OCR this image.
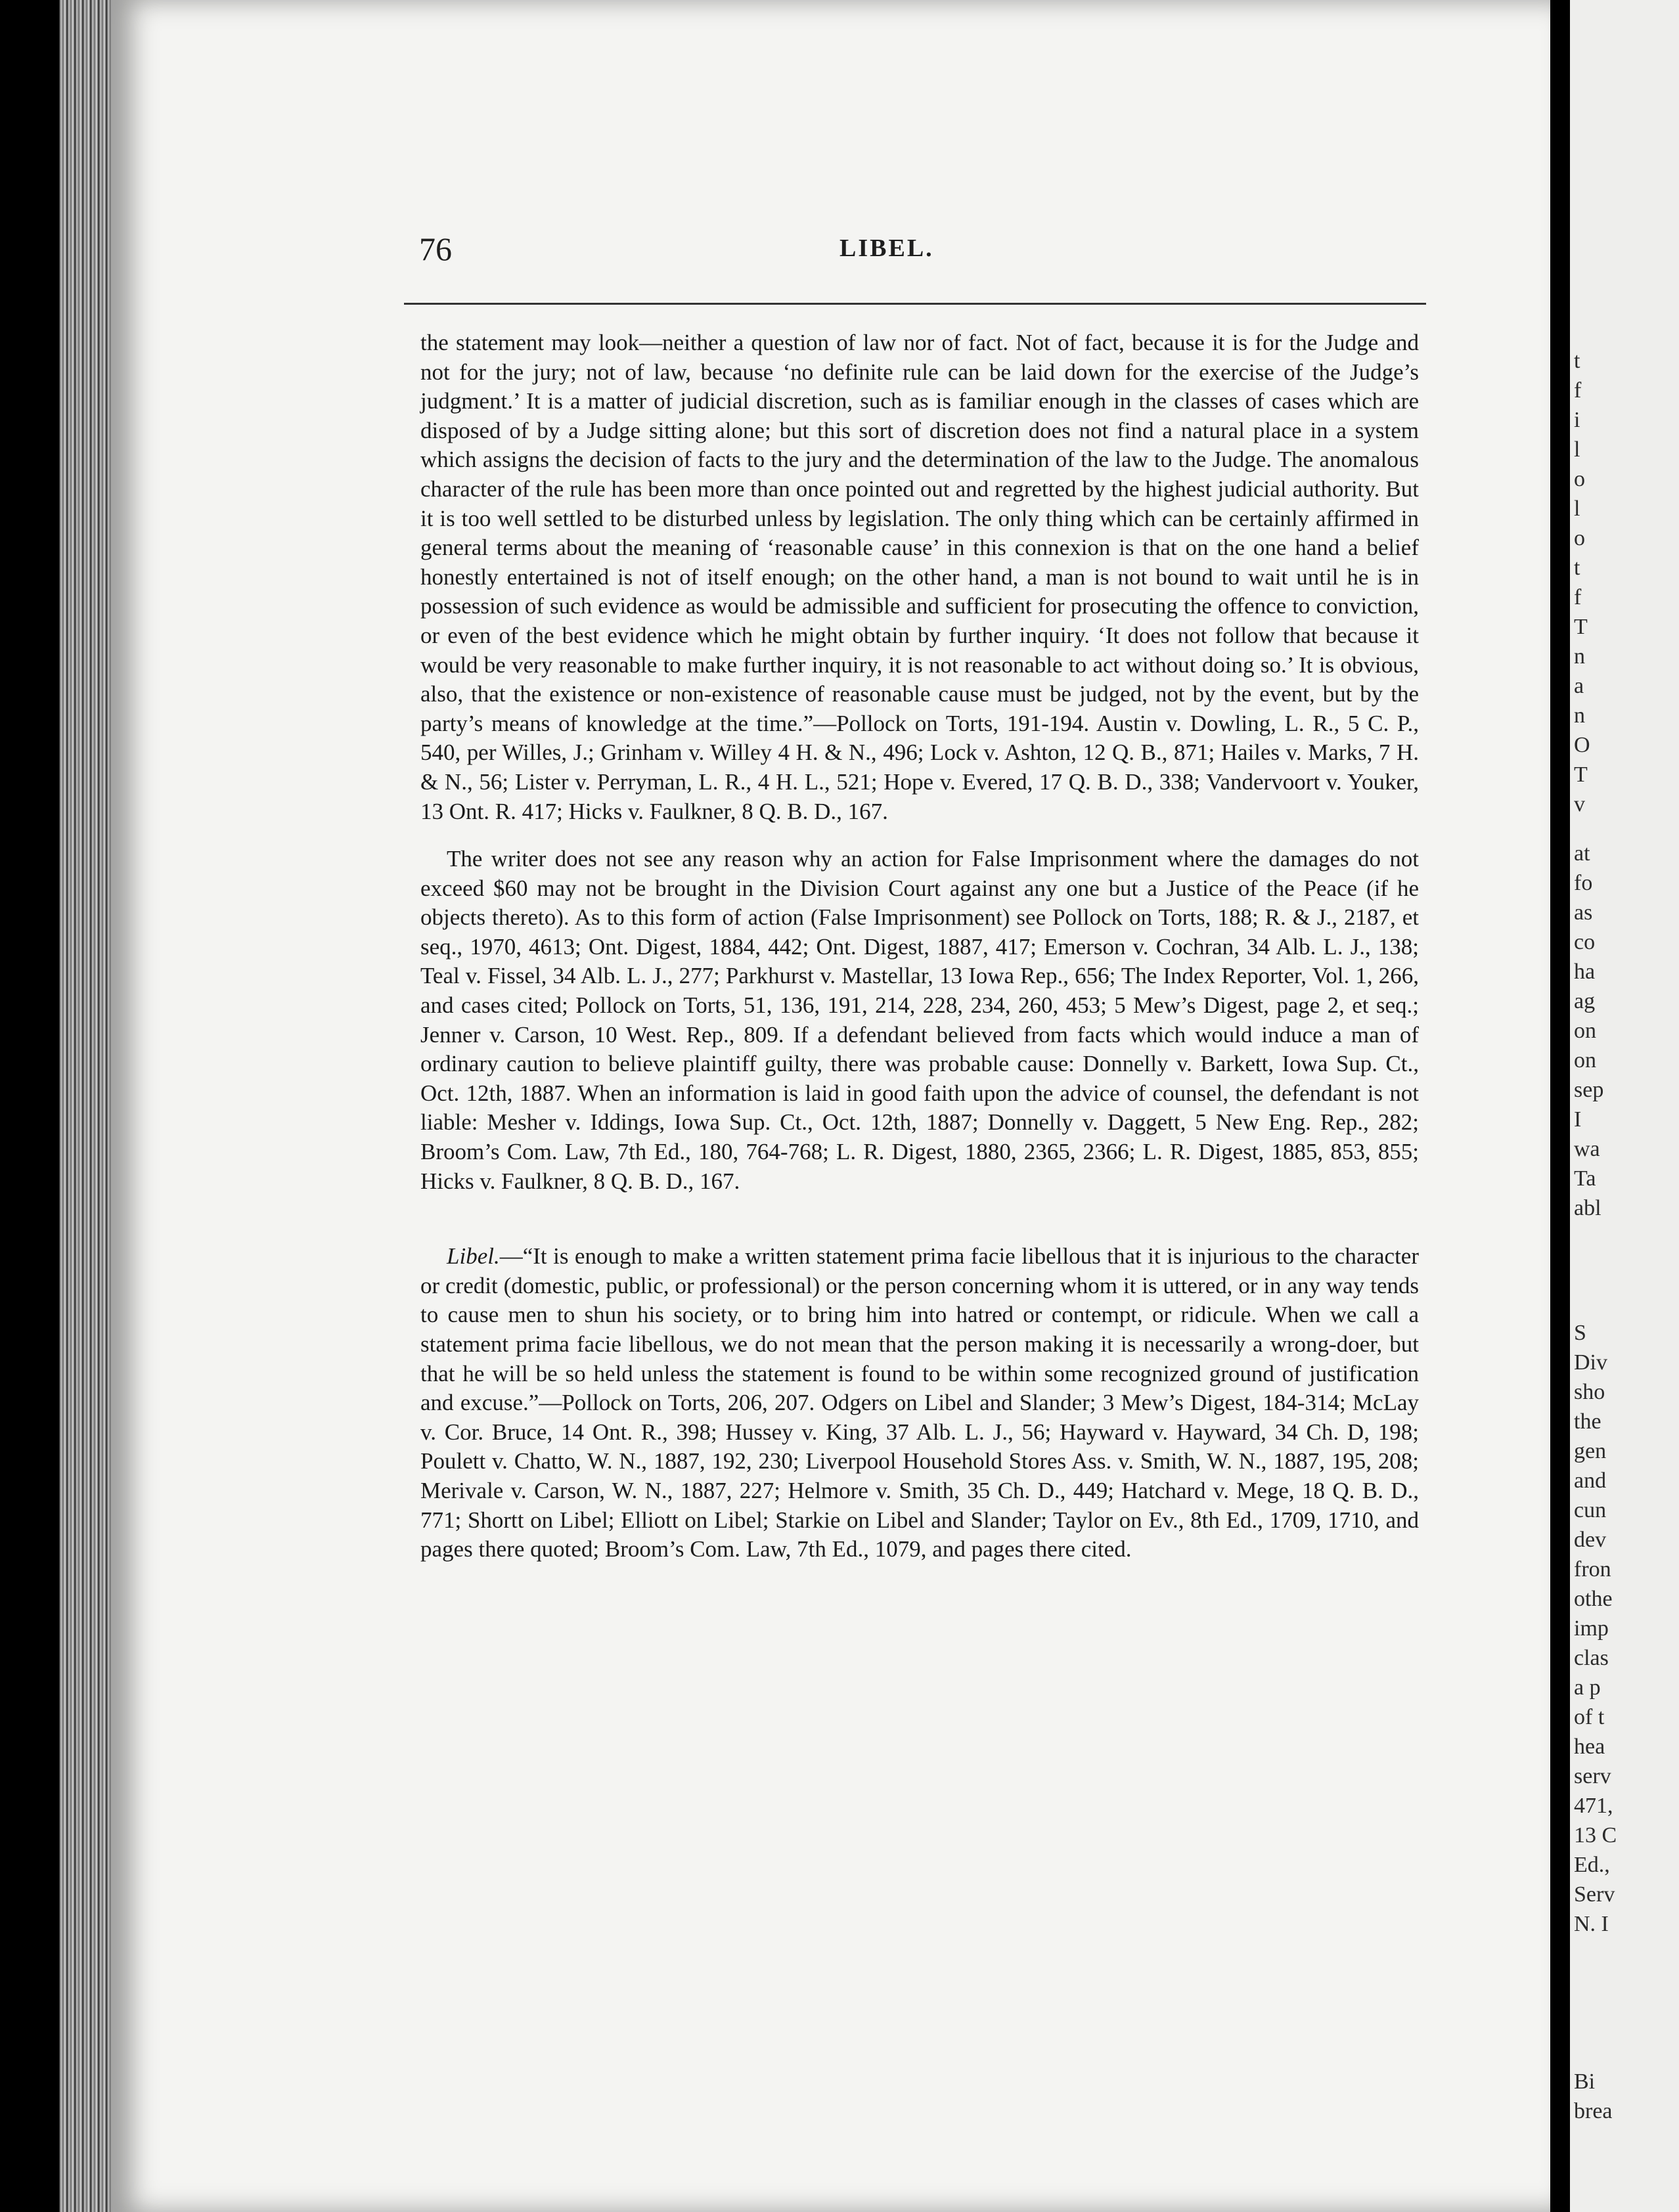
t
f
i
l
o
l
o
t
f
T
n
a
n
O
T
v
at
fo
as
co
ha
ag
on
on
sep
I
wa
Ta
abl
S
Div
sho
the
gen
and
cun
dev
fron
othe
imp
clas
a p
of t
hea
serv
471,
13 C
Ed.,
Serv
N. I
Bi
brea
76	LIBEL.

the statement may look—neither a question of law nor of fact. Not of fact, because it is for the Judge and not for the jury; not of law, because ‘no definite rule can be laid down for the exercise of the Judge’s judgment.’ It is a matter of judicial discretion, such as is familiar enough in the classes of cases which are disposed of by a Judge sitting alone; but this sort of discretion does not find a natural place in a system which assigns the decision of facts to the jury and the determination of the law to the Judge. The anomalous character of the rule has been more than once pointed out and regretted by the highest judicial authority. But it is too well settled to be disturbed unless by legislation. The only thing which can be certainly affirmed in general terms about the meaning of ‘reasonable cause’ in this connexion is that on the one hand a belief honestly entertained is not of itself enough; on the other hand, a man is not bound to wait until he is in possession of such evidence as would be admissible and sufficient for prosecuting the offence to conviction, or even of the best evidence which he might obtain by further inquiry. ‘It does not follow that because it would be very reasonable to make further inquiry, it is not reasonable to act without doing so.’ It is obvious, also, that the existence or non-existence of reasonable cause must be judged, not by the event, but by the party’s means of knowledge at the time.”—Pollock on Torts, 191-194. Austin v. Dowling, L. R., 5 C. P., 540, per Willes, J.; Grinham v. Willey 4 H. & N., 496; Lock v. Ashton, 12 Q. B., 871; Hailes v. Marks, 7 H. & N., 56; Lister v. Perryman, L. R., 4 H. L., 521; Hope v. Evered, 17 Q. B. D., 338; Vandervoort v. Youker, 13 Ont. R. 417; Hicks v. Faulkner, 8 Q. B. D., 167.

The writer does not see any reason why an action for False Imprisonment where the damages do not exceed $60 may not be brought in the Division Court against any one but a Justice of the Peace (if he objects thereto). As to this form of action (False Imprisonment) see Pollock on Torts, 188; R. & J., 2187, et seq., 1970, 4613; Ont. Digest, 1884, 442; Ont. Digest, 1887, 417; Emerson v. Cochran, 34 Alb. L. J., 138; Teal v. Fissel, 34 Alb. L. J., 277; Parkhurst v. Mastellar, 13 Iowa Rep., 656; The Index Reporter, Vol. 1, 266, and cases cited; Pollock on Torts, 51, 136, 191, 214, 228, 234, 260, 453; 5 Mew’s Digest, page 2, et seq.; Jenner v. Carson, 10 West. Rep., 809. If a defendant believed from facts which would induce a man of ordinary caution to believe plaintiff guilty, there was probable cause: Donnelly v. Barkett, Iowa Sup. Ct., Oct. 12th, 1887. When an information is laid in good faith upon the advice of counsel, the defendant is not liable: Mesher v. Iddings, Iowa Sup. Ct., Oct. 12th, 1887; Donnelly v. Daggett, 5 New Eng. Rep., 282; Broom’s Com. Law, 7th Ed., 180, 764-768; L. R. Digest, 1880, 2365, 2366; L. R. Digest, 1885, 853, 855; Hicks v. Faulkner, 8 Q. B. D., 167.

Libel.—“It is enough to make a written statement prima facie libellous that it is injurious to the character or credit (domestic, public, or professional) or the person concerning whom it is uttered, or in any way tends to cause men to shun his society, or to bring him into hatred or contempt, or ridicule. When we call a statement prima facie libellous, we do not mean that the person making it is necessarily a wrong-doer, but that he will be so held unless the statement is found to be within some recognized ground of justification and excuse.”—Pollock on Torts, 206, 207. Odgers on Libel and Slander; 3 Mew’s Digest, 184-314; McLay v. Cor. Bruce, 14 Ont. R., 398; Hussey v. King, 37 Alb. L. J., 56; Hayward v. Hayward, 34 Ch. D, 198; Poulett v. Chatto, W. N., 1887, 192, 230; Liverpool Household Stores Ass. v. Smith, W. N., 1887, 195, 208; Merivale v. Carson, W. N., 1887, 227; Helmore v. Smith, 35 Ch. D., 449; Hatchard v. Mege, 18 Q. B. D., 771; Shortt on Libel; Elliott on Libel; Starkie on Libel and Slander; Taylor on Ev., 8th Ed., 1709, 1710, and pages there quoted; Broom’s Com. Law, 7th Ed., 1079, and pages there cited.
